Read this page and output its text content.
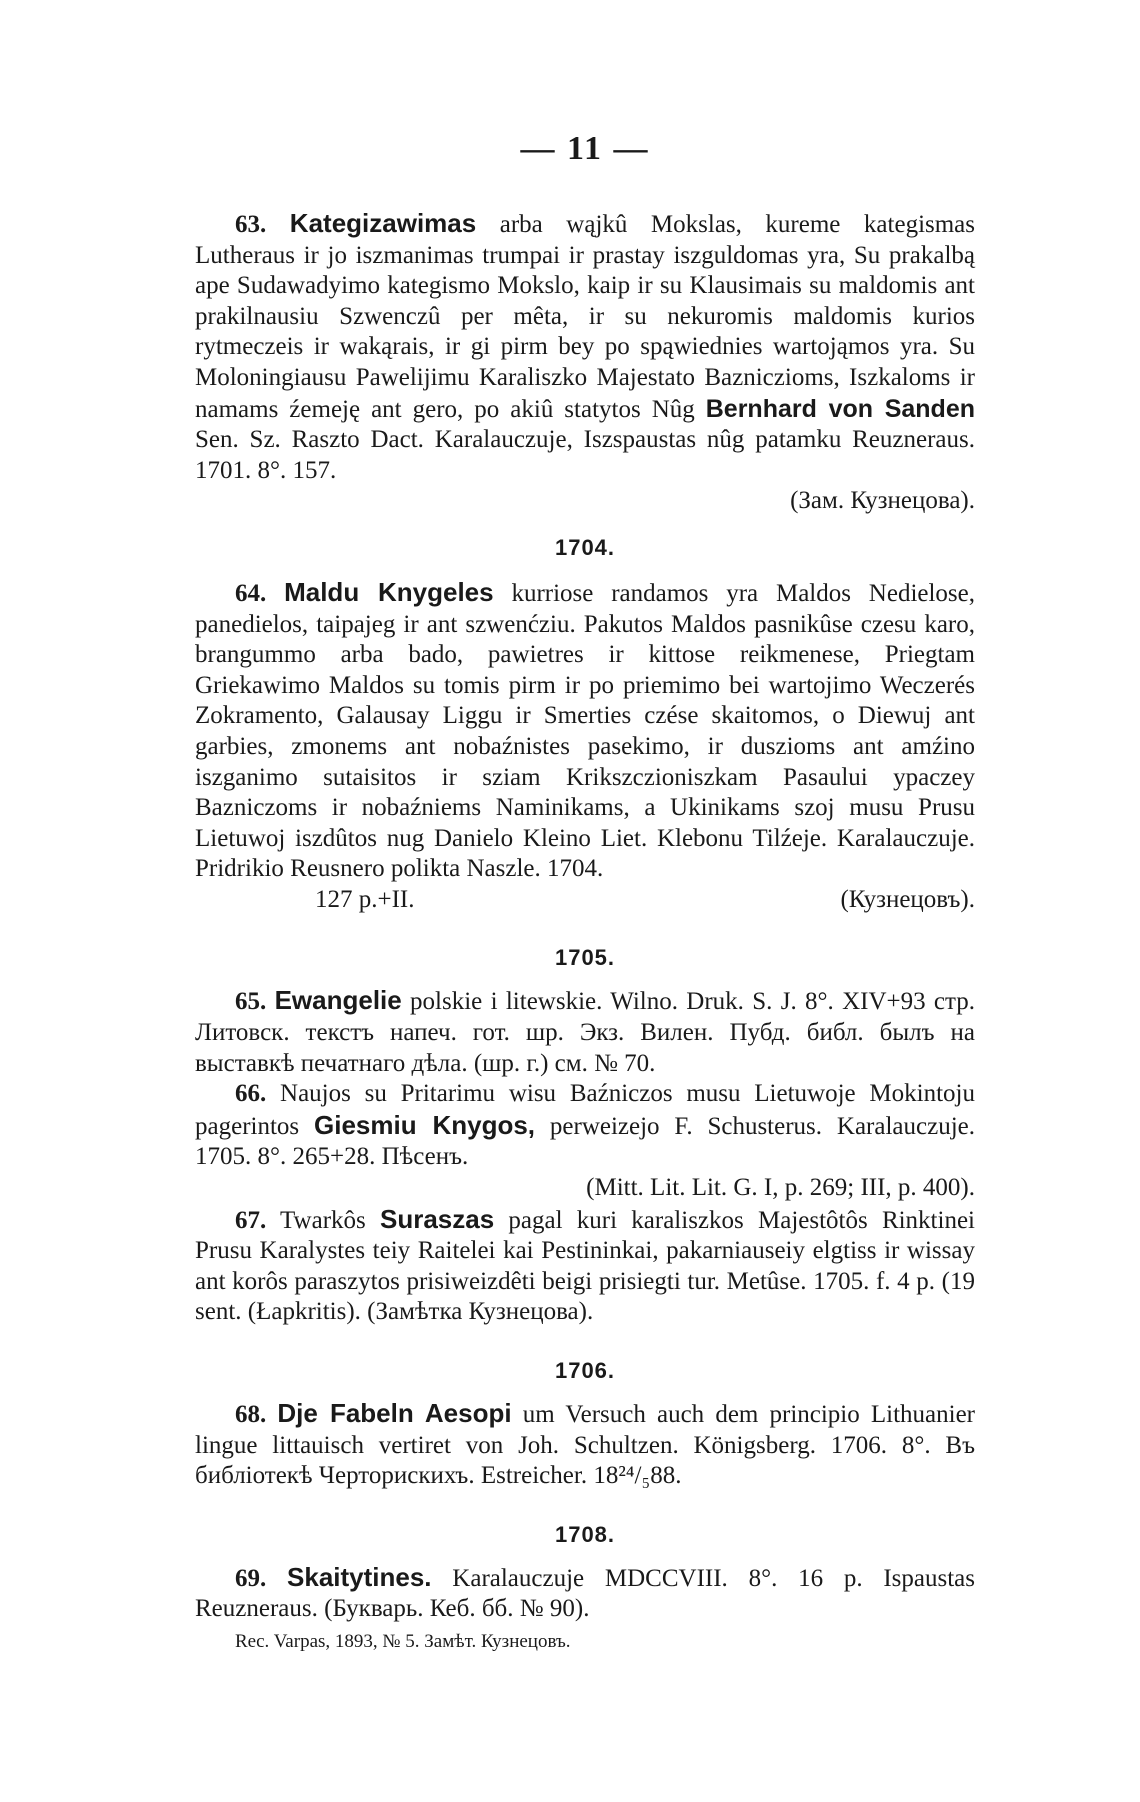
— 11 —

63. Kategizawimas arba wąjkû Mokslas, kureme kategismas Lutheraus ir jo iszmanimas trumpai ir prastay iszguldomas yra, Su prakalbą ape Sudawadyimo kategismo Mokslo, kaip ir su Klausimais su maldomis ant prakilnausiu Szwenczû per mêta, ir su nekuromis maldomis kurios rytmeczeis ir wakąrais, ir gi pirm bey po spąwiednies wartojąmos yra. Su Moloningiausu Pawelijimu Karaliszko Majestato Bazniczioms, Iszkaloms ir namams źemeję ant gero, po akiû statytos Nûg Bernhard von Sanden Sen. Sz. Raszto Dact. Karalauczuje, Iszspaustas nûg patamku Reuzneraus. 1701. 8°. 157.

(Зам. Кузнецова).

1704.

64. Maldu Knygeles kurriose randamos yra Maldos Nedielose, panedielos, taipajeg ir ant szwenćziu. Pakutos Maldos pasnikûse czesu karo, brangummo arba bado, pawietres ir kittose reikmenese, Priegtam Griekawimo Maldos su tomis pirm ir po priemimo bei wartojimo Weczerés Zokramento, Galausay Liggu ir Smerties czése skaitomos, o Diewuj ant garbies, zmonems ant nobaźnistes pasekimo, ir duszioms ant amźino iszganimo sutaisitos ir sziam Krikszczioniszkam Pasaului ypaczey Bazniczoms ir nobaźniems Naminikams, a Ukinikams szoj musu Prusu Lietuwoj iszdûtos nug Danielo Kleino Liet. Klebonu Tilźeje. Karalauczuje. Pridrikio Reusnero polikta Naszle. 1704.

127 p.+II.	(Кузнецовъ).
1705.

65. Ewangelie polskie i litewskie. Wilno. Druk. S. J. 8°. XIV+93 стр. Литовск. текстъ напеч. гот. шр. Экз. Вилен. Пубд. библ. былъ на выставкѣ печатнаго дѣла. (шр. г.) см. № 70.

66. Naujos su Pritarimu wisu Baźniczos musu Lietuwoje Mokintoju pagerintos Giesmiu Knygos, perweizejo F. Schusterus. Karalauczuje. 1705. 8°. 265+28. Пѣсенъ.

(Mitt. Lit. Lit. G. I, p. 269; III, p. 400).

67. Twarkôs Suraszas pagal kuri karaliszkos Majestôtôs Rinktinei Prusu Karalystes teiy Raitelei kai Pestininkai, pakarniauseiy elgtiss ir wissay ant korôs paraszytos prisiweizdêti beigi prisiegti tur. Metûse. 1705. f. 4 p. (19 sent. (Łapkritis). (Замѣтка Кузнецова).

1706.

68. Dje Fabeln Aesopi um Versuch auch dem principio Lithuanier lingue littauisch vertiret von Joh. Schultzen. Königsberg. 1706. 8°. Въ библіотекѣ Черторискихъ. Estreicher. 18²⁴/₅88.

1708.

69. Skaitytines. Karalauczuje MDCCVIII. 8°. 16 p. Ispaustas Reuzneraus. (Букварь. Кеб. бб. № 90).

Rec. Varpas, 1893, № 5. Замѣт. Кузнецовъ.
